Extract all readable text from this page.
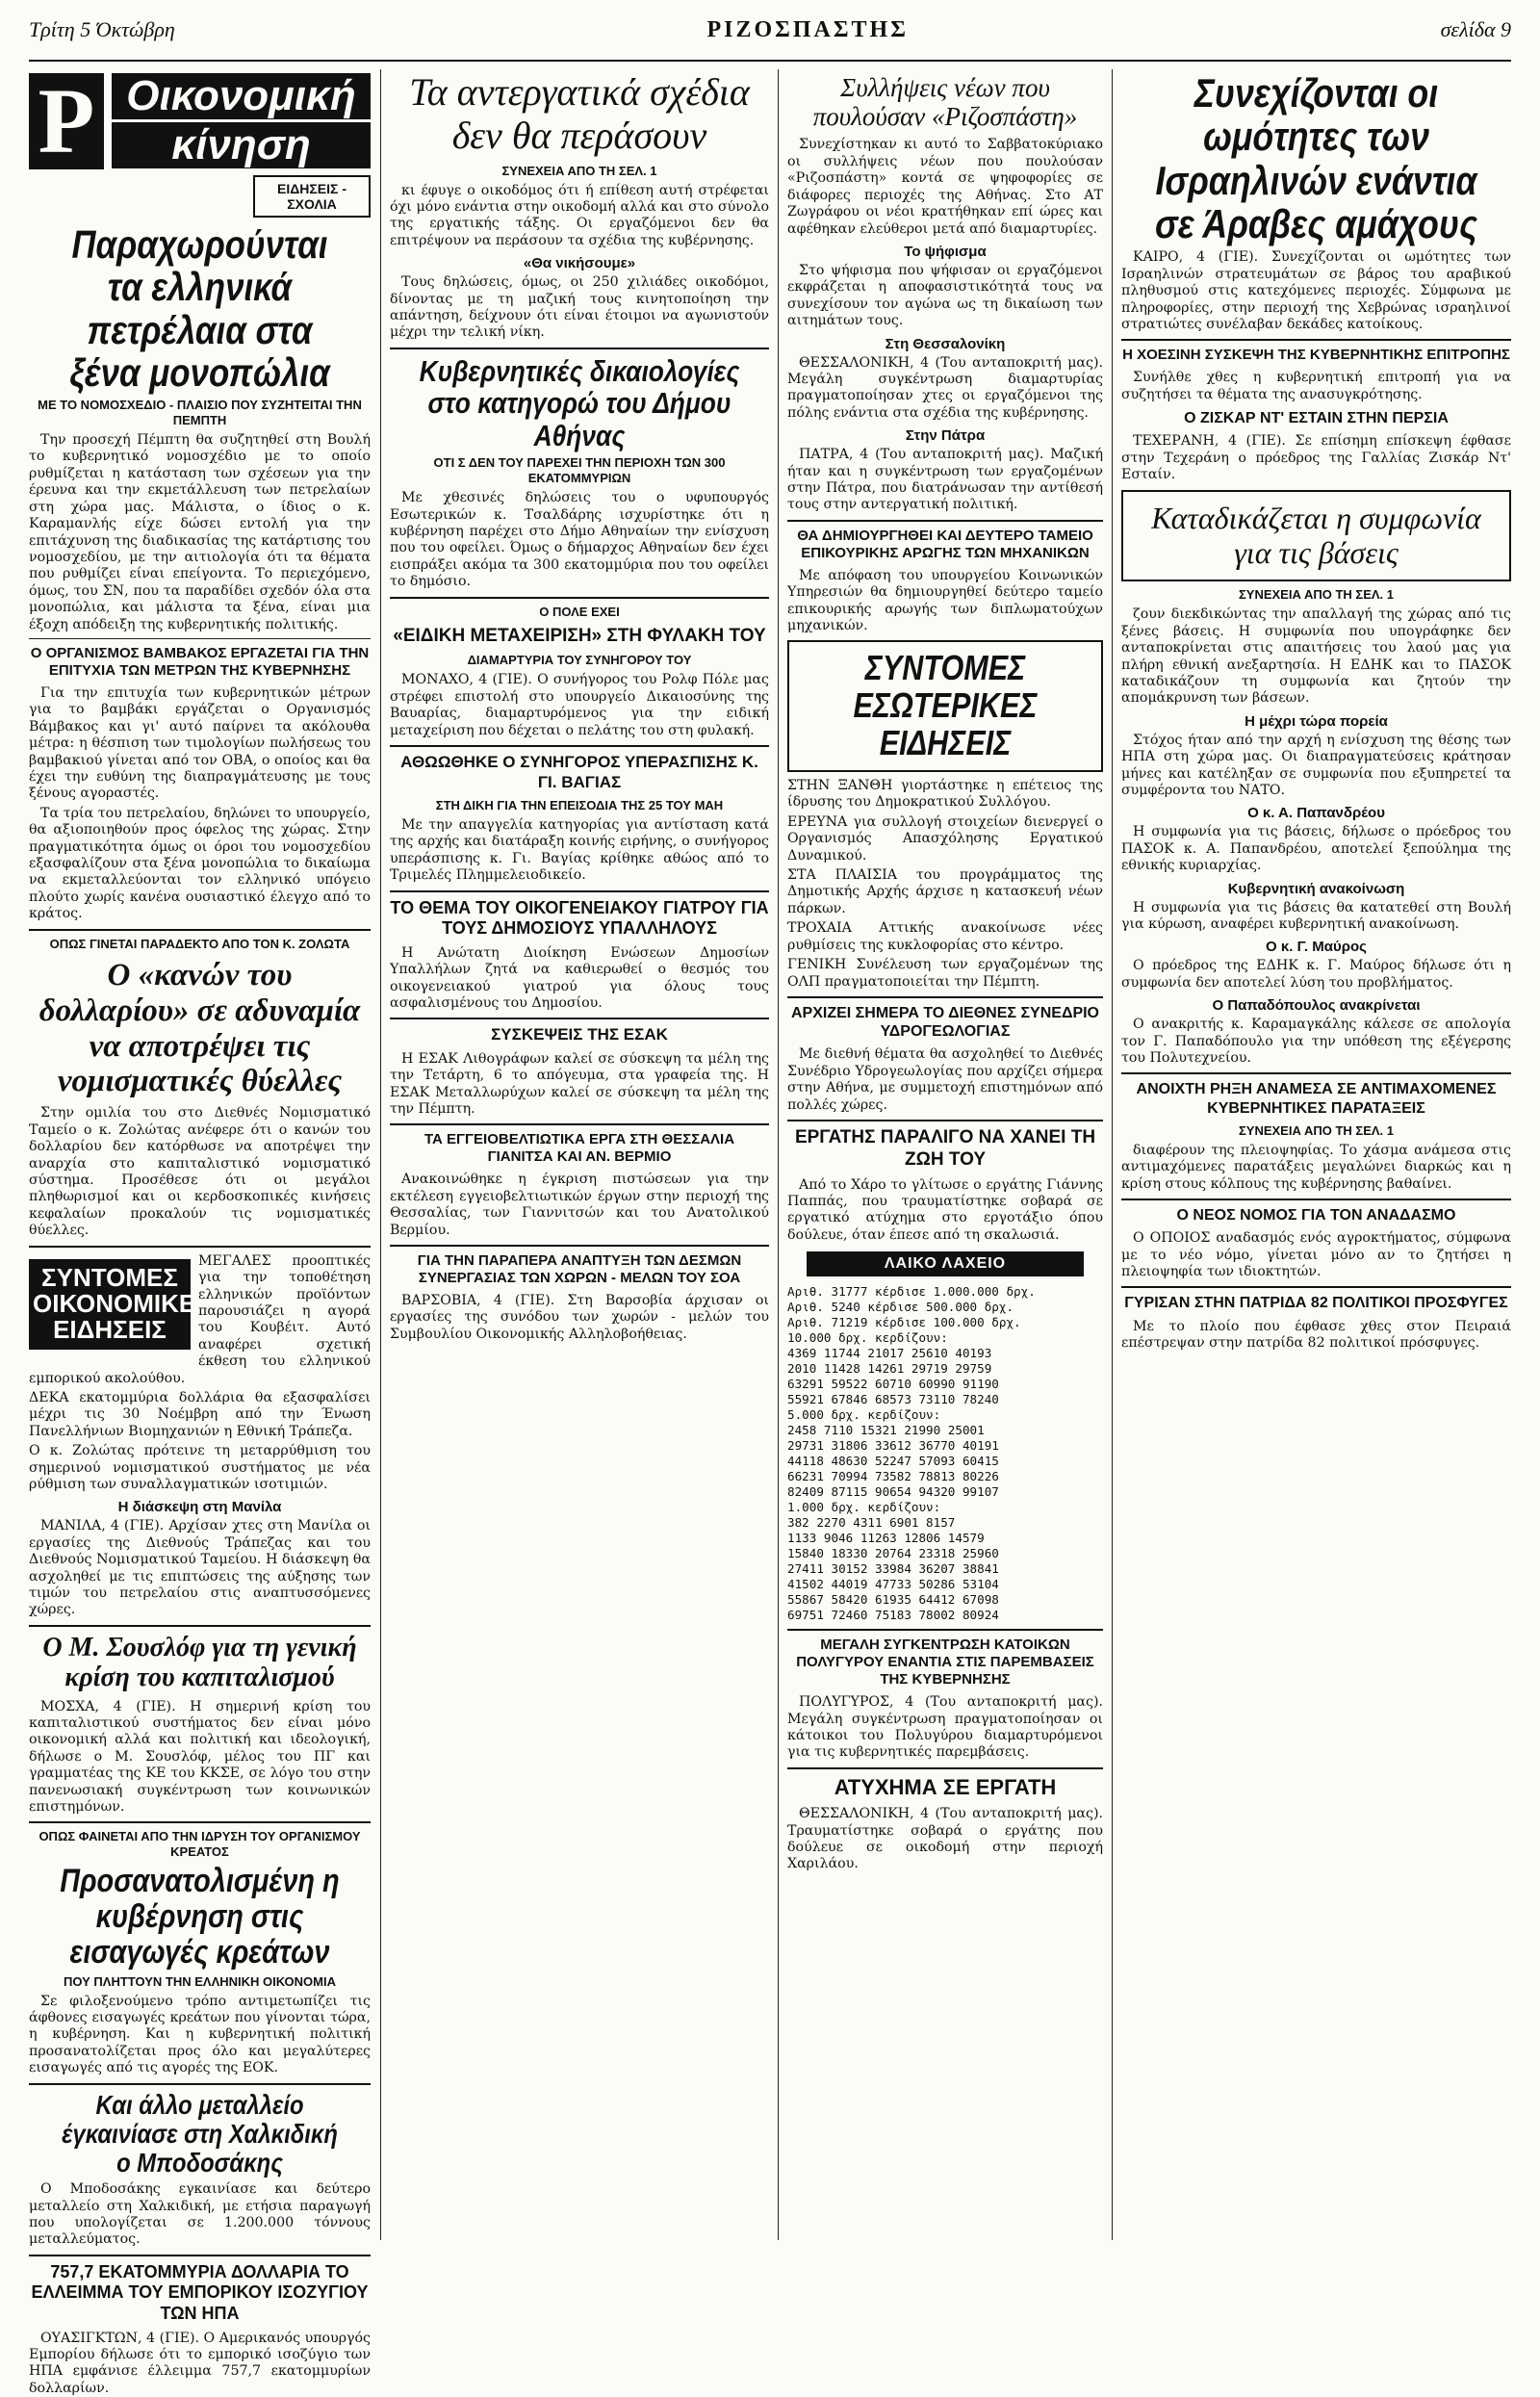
Τρίτη 5 Όκτώβρη	ΡΙΖΟΣΠΑΣΤΗΣ	σελίδα 9
Ρ Οικονομική
κίνηση
ΕΙΔΗΣΕΙΣ - ΣΧΟΛΙΑ
Παραχωρούνται τα ελληνικά πετρέλαια στα ξένα μονοπώλια
ΜΕ ΤΟ ΝΟΜΟΣΧΕΔΙΟ - ΠΛΑΙΣΙΟ ΠΟΥ ΣΥΖΗΤΕΙΤΑΙ ΤΗΝ ΠΕΜΠΤΗ

Την προσεχή Πέμπτη θα συζητηθεί στη Βουλή το κυβερνητικό νομοσχέδιο με το οποίο ρυθμίζεται η κατάσταση των σχέσεων για την έρευνα και την εκμετάλλευση των πετρελαίων στη χώρα μας. Μάλιστα, ο ίδιος ο κ. Καραμανλής είχε δώσει εντολή για την επιτάχυνση της διαδικασίας της κατάρτισης του νομοσχεδίου, με την αιτιολογία ότι τα θέματα που ρυθμίζει είναι επείγοντα. Το περιεχόμενο, όμως, του ΣΝ, που τα παραδίδει σχεδόν όλα στα μονοπώλια, και μάλιστα τα ξένα, είναι μια έξοχη απόδειξη της κυβερνητικής πολιτικής.

Ο ΟΡΓΑΝΙΣΜΟΣ ΒΑΜΒΑΚΟΣ ΕΡΓΑΖΕΤΑΙ ΓΙΑ ΤΗΝ ΕΠΙΤΥΧΙΑ ΤΩΝ ΜΕΤΡΩΝ ΤΗΣ ΚΥΒΕΡΝΗΣΗΣ

Για την επιτυχία των κυβερνητικών μέτρων για το βαμβάκι εργάζεται ο Οργανισμός Βάμβακος και γι' αυτό παίρνει τα ακόλουθα μέτρα: η θέσπιση των τιμολογίων πωλήσεως του βαμβακιού γίνεται από τον ΟΒΑ, ο οποίος και θα έχει την ευθύνη της διαπραγμάτευσης με τους ξένους αγοραστές.

Τα τρία του πετρελαίου, δηλώνει το υπουργείο, θα αξιοποιηθούν προς όφελος της χώρας. Στην πραγματικότητα όμως οι όροι του νομοσχεδίου εξασφαλίζουν στα ξένα μονοπώλια το δικαίωμα να εκμεταλλεύονται τον ελληνικό υπόγειο πλούτο χωρίς κανένα ουσιαστικό έλεγχο από το κράτος.

ΟΠΩΣ ΓΙΝΕΤΑΙ ΠΑΡΑΔΕΚΤΟ ΑΠΟ ΤΟΝ Κ. ΖΟΛΩΤΑ
Ο «κανών του δολλαρίου» σε αδυναμία να αποτρέψει τις νομισματικές θύελλες

Στην ομιλία του στο Διεθνές Νομισματικό Ταμείο ο κ. Ζολώτας ανέφερε ότι ο κανών του δολλαρίου δεν κατόρθωσε να αποτρέψει την αναρχία στο καπιταλιστικό νομισματικό σύστημα. Προσέθεσε ότι οι μεγάλοι πληθωρισμοί και οι κερδοσκοπικές κινήσεις κεφαλαίων προκαλούν τις νομισματικές θύελλες.

ΣΥΝΤΟΜΕΣ ΟΙΚΟΝΟΜΙΚΕΣ ΕΙΔΗΣΕΙΣ

ΜΕΓΑΛΕΣ προοπτικές για την τοποθέτηση ελληνικών προϊόντων παρουσιάζει η αγορά του Κουβέιτ. Αυτό αναφέρει σχετική έκθεση του ελληνικού εμπορικού ακολούθου.

ΔΕΚΑ εκατομμύρια δολλάρια θα εξασφαλίσει μέχρι τις 30 Νοέμβρη από την Ένωση Πανελλήνιων Βιομηχανιών η Εθνική Τράπεζα.

Ο κ. Ζολώτας πρότεινε τη μεταρρύθμιση του σημερινού νομισματικού συστήματος με νέα ρύθμιση των συναλλαγματικών ισοτιμιών.

Η διάσκεψη στη Μανίλα

ΜΑΝΙΛΑ, 4 (ΓΙΕ). Αρχίσαν χτες στη Μανίλα οι εργασίες της Διεθνούς Τράπεζας και του Διεθνούς Νομισματικού Ταμείου. Η διάσκεψη θα ασχοληθεί με τις επιπτώσεις της αύξησης των τιμών του πετρελαίου στις αναπτυσσόμενες χώρες.

Ο Μ. Σουσλόφ για τη γενική κρίση του καπιταλισμού

ΜΟΣΧΑ, 4 (ΓΙΕ). Η σημερινή κρίση του καπιταλιστικού συστήματος δεν είναι μόνο οικονομική αλλά και πολιτική και ιδεολογική, δήλωσε ο Μ. Σουσλόφ, μέλος του ΠΓ και γραμματέας της ΚΕ του ΚΚΣΕ, σε λόγο του στην πανενωσιακή συγκέντρωση των κοινωνικών επιστημόνων.

ΟΠΩΣ ΦΑΙΝΕΤΑΙ ΑΠΟ ΤΗΝ ΙΔΡΥΣΗ ΤΟΥ ΟΡΓΑΝΙΣΜΟΥ ΚΡΕΑΤΟΣ
Προσανατολισμένη η κυβέρνηση στις εισαγωγές κρεάτων
ΠΟΥ ΠΛΗΤΤΟΥΝ ΤΗΝ ΕΛΛΗΝΙΚΗ ΟΙΚΟΝΟΜΙΑ

Σε φιλοξενούμενο τρόπο αντιμετωπίζει τις άφθονες εισαγωγές κρεάτων που γίνονται τώρα, η κυβέρνηση. Και η κυβερνητική πολιτική προσανατολίζεται προς όλο και μεγαλύτερες εισαγωγές από τις αγορές της ΕΟΚ.

Και άλλο μεταλλείο έγκαινίασε στη Χαλκιδική ο Μποδοσάκης

Ο Μποδοσάκης εγκαινίασε και δεύτερο μεταλλείο στη Χαλκιδική, με ετήσια παραγωγή που υπολογίζεται σε 1.200.000 τόννους μεταλλεύματος.

757,7 ΕΚΑΤΟΜΜΥΡΙΑ ΔΟΛΛΑΡΙΑ ΤΟ ΕΛΛΕΙΜΜΑ ΤΟΥ ΕΜΠΟΡΙΚΟΥ ΙΣΟΖΥΓΙΟΥ ΤΩΝ ΗΠΑ

ΟΥΑΣΙΓΚΤΩΝ, 4 (ΓΙΕ). Ο Αμερικανός υπουργός Εμπορίου δήλωσε ότι το εμπορικό ισοζύγιο των ΗΠΑ εμφάνισε έλλειμμα 757,7 εκατομμυρίων δολλαρίων.

Τα αντεργατικά σχέδια δεν θα περάσουν
ΣΥΝΕΧΕΙΑ ΑΠΟ ΤΗ ΣΕΛ. 1

κι έφυγε ο οικοδόμος ότι ή επίθεση αυτή στρέφεται όχι μόνο ενάντια στην οικοδομή αλλά και στο σύνολο της εργατικής τάξης. Οι εργαζόμενοι δεν θα επιτρέψουν να περάσουν τα σχέδια της κυβέρνησης.

«Θα νικήσουμε»

Τους δηλώσεις, όμως, οι 250 χιλιάδες οικοδόμοι, δίνοντας με τη μαζική τους κινητοποίηση την απάντηση, δείχνουν ότι είναι έτοιμοι να αγωνιστούν μέχρι την τελική νίκη.

Κυβερνητικές δικαιολογίες στο κατηγορώ του Δήμου Αθήνας
ΟΤΙ Σ ΔΕΝ ΤΟΥ ΠΑΡΕΧΕΙ ΤΗΝ ΠΕΡΙΟΧΗ ΤΩΝ 300 ΕΚΑΤΟΜΜΥΡΙΩΝ

Με χθεσινές δηλώσεις του ο υφυπουργός Εσωτερικών κ. Τσαλδάρης ισχυρίστηκε ότι η κυβέρνηση παρέχει στο Δήμο Αθηναίων την ενίσχυση που του οφείλει. Όμως ο δήμαρχος Αθηναίων δεν έχει εισπράξει ακόμα τα 300 εκατομμύρια που του οφείλει το δημόσιο.

Ο ΠΟΛΕ ΕΧΕΙ
«ΕΙΔΙΚΗ ΜΕΤΑΧΕΙΡΙΣΗ» ΣΤΗ ΦΥΛΑΚΗ ΤΟΥ
ΔΙΑΜΑΡΤΥΡΙΑ ΤΟΥ ΣΥΝΗΓΟΡΟΥ ΤΟΥ

ΜΟΝΑΧΟ, 4 (ΓΙΕ). Ο συνήγορος του Ρολφ Πόλε μας στρέφει επιστολή στο υπουργείο Δικαιοσύνης της Βαυαρίας, διαμαρτυρόμενος για την ειδική μεταχείριση που δέχεται ο πελάτης του στη φυλακή.

ΑΘΩΩΘΗΚΕ Ο ΣΥΝΗΓΟΡΟΣ ΥΠΕΡΑΣΠΙΣΗΣ Κ. ΓΙ. ΒΑΓΙΑΣ
ΣΤΗ ΔΙΚΗ ΓΙΑ ΤΗΝ ΕΠΕΙΣΟΔΙΑ ΤΗΣ 25 ΤΟΥ ΜΑΗ

Με την απαγγελία κατηγορίας για αντίσταση κατά της αρχής και διατάραξη κοινής ειρήνης, ο συνήγορος υπεράσπισης κ. Γι. Βαγίας κρίθηκε αθώος από το Τριμελές Πλημμελειοδικείο.

ΤΟ ΘΕΜΑ ΤΟΥ ΟΙΚΟΓΕΝΕΙΑΚΟΥ ΓΙΑΤΡΟΥ ΓΙΑ ΤΟΥΣ ΔΗΜΟΣΙΟΥΣ ΥΠΑΛΛΗΛΟΥΣ

Η Ανώτατη Διοίκηση Ενώσεων Δημοσίων Υπαλλήλων ζητά να καθιερωθεί ο θεσμός του οικογενειακού γιατρού για όλους τους ασφαλισμένους του Δημοσίου.

ΣΥΣΚΕΨΕΙΣ ΤΗΣ ΕΣΑΚ

Η ΕΣΑΚ Λιθογράφων καλεί σε σύσκεψη τα μέλη της την Τετάρτη, 6 το απόγευμα, στα γραφεία της. Η ΕΣΑΚ Μεταλλωρύχων καλεί σε σύσκεψη τα μέλη της την Πέμπτη.

ΤΑ ΕΓΓΕΙΟΒΕΛΤΙΩΤΙΚΑ ΕΡΓΑ ΣΤΗ ΘΕΣΣΑΛΙΑ ΓΙΑΝΙΤΣΑ ΚΑΙ ΑΝ. ΒΕΡΜΙΟ

Ανακοινώθηκε η έγκριση πιστώσεων για την εκτέλεση εγγειοβελτιωτικών έργων στην περιοχή της Θεσσαλίας, των Γιαννιτσών και του Ανατολικού Βερμίου.

ΓΙΑ ΤΗΝ ΠΑΡΑΠΕΡΑ ΑΝΑΠΤΥΞΗ ΤΩΝ ΔΕΣΜΩΝ ΣΥΝΕΡΓΑΣΙΑΣ ΤΩΝ ΧΩΡΩΝ - ΜΕΛΩΝ ΤΟΥ ΣΟΑ

ΒΑΡΣΟΒΙΑ, 4 (ΓΙΕ). Στη Βαρσοβία άρχισαν οι εργασίες της συνόδου των χωρών - μελών του Συμβουλίου Οικονομικής Αλληλοβοήθειας.

Συλλήψεις νέων που πουλούσαν «Ριζοσπάστη»

Συνεχίστηκαν κι αυτό το Σαββατοκύριακο οι συλλήψεις νέων που πουλούσαν «Ριζοσπάστη» κοντά σε ψηφοφορίες σε διάφορες περιοχές της Αθήνας. Στο ΑΤ Ζωγράφου οι νέοι κρατήθηκαν επί ώρες και αφέθηκαν ελεύθεροι μετά από διαμαρτυρίες.

Το ψήφισμα

Στο ψήφισμα που ψήφισαν οι εργαζόμενοι εκφράζεται η αποφασιστικότητά τους να συνεχίσουν τον αγώνα ως τη δικαίωση των αιτημάτων τους.

Στη Θεσσαλονίκη

ΘΕΣΣΑΛΟΝΙΚΗ, 4 (Του ανταποκριτή μας). Μεγάλη συγκέντρωση διαμαρτυρίας πραγματοποίησαν χτες οι εργαζόμενοι της πόλης ενάντια στα σχέδια της κυβέρνησης.

Στην Πάτρα

ΠΑΤΡΑ, 4 (Του ανταποκριτή μας). Μαζική ήταν και η συγκέντρωση των εργαζομένων στην Πάτρα, που διατράνωσαν την αντίθεσή τους στην αντεργατική πολιτική.

ΘΑ ΔΗΜΙΟΥΡΓΗΘΕΙ ΚΑΙ ΔΕΥΤΕΡΟ ΤΑΜΕΙΟ ΕΠΙΚΟΥΡΙΚΗΣ ΑΡΩΓΗΣ ΤΩΝ ΜΗΧΑΝΙΚΩΝ

Με απόφαση του υπουργείου Κοινωνικών Υπηρεσιών θα δημιουργηθεί δεύτερο ταμείο επικουρικής αρωγής των διπλωματούχων μηχανικών.

ΣΥΝΤΟΜΕΣ ΕΣΩΤΕΡΙΚΕΣ ΕΙΔΗΣΕΙΣ

ΣΤΗΝ ΞΑΝΘΗ γιορτάστηκε η επέτειος της ίδρυσης του Δημοκρατικού Συλλόγου.

ΕΡΕΥΝΑ για συλλογή στοιχείων διενεργεί ο Οργανισμός Απασχόλησης Εργατικού Δυναμικού.

ΣΤΑ ΠΛΑΙΣΙΑ του προγράμματος της Δημοτικής Αρχής άρχισε η κατασκευή νέων πάρκων.

ΤΡΟΧΑΙΑ Αττικής ανακοίνωσε νέες ρυθμίσεις της κυκλοφορίας στο κέντρο.

ΓΕΝΙΚΗ Συνέλευση των εργαζομένων της ΟΛΠ πραγματοποιείται την Πέμπτη.

ΑΡΧΙΖΕΙ ΣΗΜΕΡΑ ΤΟ ΔΙΕΘΝΕΣ ΣΥΝΕΔΡΙΟ ΥΔΡΟΓΕΩΛΟΓΙΑΣ

Με διεθνή θέματα θα ασχοληθεί το Διεθνές Συνέδριο Υδρογεωλογίας που αρχίζει σήμερα στην Αθήνα, με συμμετοχή επιστημόνων από πολλές χώρες.

ΕΡΓΑΤΗΣ ΠΑΡΑΛΙΓΟ ΝΑ ΧΑΝΕΙ ΤΗ ΖΩΗ ΤΟΥ

Από το Χάρο το γλίτωσε ο εργάτης Γιάννης Παππάς, που τραυματίστηκε σοβαρά σε εργατικό ατύχημα στο εργοτάξιο όπου δούλευε, όταν έπεσε από τη σκαλωσιά.

ΛΑΙΚΟ ΛΑΧΕΙΟ
Αριθ. 31777 κέρδισε 1.000.000 δρχ.
Αριθ. 5240 κέρδισε 500.000 δρχ.
Αριθ. 71219 κέρδισε 100.000 δρχ.
10.000 δρχ. κερδίζουν:
4369 11744 21017 25610 40193
2010 11428 14261 29719 29759
63291 59522 60710 60990 91190
55921 67846 68573 73110 78240
5.000 δρχ. κερδίζουν:
2458 7110 15321 21990 25001
29731 31806 33612 36770 40191
44118 48630 52247 57093 60415
66231 70994 73582 78813 80226
82409 87115 90654 94320 99107
1.000 δρχ. κερδίζουν:
382 2270 4311 6901 8157
1133 9046 11263 12806 14579
15840 18330 20764 23318 25960
27411 30152 33984 36207 38841
41502 44019 47733 50286 53104
55867 58420 61935 64412 67098
69751 72460 75183 78002 80924
ΜΕΓΑΛΗ ΣΥΓΚΕΝΤΡΩΣΗ ΚΑΤΟΙΚΩΝ ΠΟΛΥΓΥΡΟΥ ΕΝΑΝΤΙΑ ΣΤΙΣ ΠΑΡΕΜΒΑΣΕΙΣ ΤΗΣ ΚΥΒΕΡΝΗΣΗΣ

ΠΟΛΥΓΥΡΟΣ, 4 (Του ανταποκριτή μας). Μεγάλη συγκέντρωση πραγματοποίησαν οι κάτοικοι του Πολυγύρου διαμαρτυρόμενοι για τις κυβερνητικές παρεμβάσεις.

ΑΤΥΧΗΜΑ ΣΕ ΕΡΓΑΤΗ

ΘΕΣΣΑΛΟΝΙΚΗ, 4 (Του ανταποκριτή μας). Τραυματίστηκε σοβαρά ο εργάτης που δούλευε σε οικοδομή στην περιοχή Χαριλάου.

Συνεχίζονται οι ωμότητες των Ισραηλινών ενάντια σε Άραβες αμάχους

ΚΑΙΡΟ, 4 (ΓΙΕ). Συνεχίζονται οι ωμότητες των Ισραηλινών στρατευμάτων σε βάρος του αραβικού πληθυσμού στις κατεχόμενες περιοχές. Σύμφωνα με πληροφορίες, στην περιοχή της Χεβρώνας ισραηλινοί στρατιώτες συνέλαβαν δεκάδες κατοίκους.

Η ΧΟΕΣΙΝΗ ΣΥΣΚΕΨΗ ΤΗΣ ΚΥΒΕΡΝΗΤΙΚΗΣ ΕΠΙΤΡΟΠΗΣ

Συνήλθε χθες η κυβερνητική επιτροπή για να συζητήσει τα θέματα της ανασυγκρότησης.

Ο ΖΙΣΚΑΡ ΝΤ' ΕΣΤΑΙΝ ΣΤΗΝ ΠΕΡΣΙΑ

ΤΕΧΕΡΑΝΗ, 4 (ΓΙΕ). Σε επίσημη επίσκεψη έφθασε στην Τεχεράνη ο πρόεδρος της Γαλλίας Ζισκάρ Ντ' Εσταίν.

Καταδικάζεται η συμφωνία για τις βάσεις
ΣΥΝΕΧΕΙΑ ΑΠΟ ΤΗ ΣΕΛ. 1

ζουν διεκδικώντας την απαλλαγή της χώρας από τις ξένες βάσεις. Η συμφωνία που υπογράφηκε δεν ανταποκρίνεται στις απαιτήσεις του λαού μας για πλήρη εθνική ανεξαρτησία. Η ΕΔΗΚ και το ΠΑΣΟΚ καταδικάζουν τη συμφωνία και ζητούν την απομάκρυνση των βάσεων.

Η μέχρι τώρα πορεία

Στόχος ήταν από την αρχή η ενίσχυση της θέσης των ΗΠΑ στη χώρα μας. Οι διαπραγματεύσεις κράτησαν μήνες και κατέληξαν σε συμφωνία που εξυπηρετεί τα συμφέροντα του ΝΑΤΟ.

Ο κ. Α. Παπανδρέου

Η συμφωνία για τις βάσεις, δήλωσε ο πρόεδρος του ΠΑΣΟΚ κ. Α. Παπανδρέου, αποτελεί ξεπούλημα της εθνικής κυριαρχίας.

Κυβερνητική ανακοίνωση

Η συμφωνία για τις βάσεις θα κατατεθεί στη Βουλή για κύρωση, αναφέρει κυβερνητική ανακοίνωση.

Ο κ. Γ. Μαύρος

Ο πρόεδρος της ΕΔΗΚ κ. Γ. Μαύρος δήλωσε ότι η συμφωνία δεν αποτελεί λύση του προβλήματος.

Ο Παπαδόπουλος ανακρίνεται

Ο ανακριτής κ. Καραμαγκάλης κάλεσε σε απολογία τον Γ. Παπαδόπουλο για την υπόθεση της εξέγερσης του Πολυτεχνείου.

ΑΝΟΙΧΤΗ ΡΗΞΗ ΑΝΑΜΕΣΑ ΣΕ ΑΝΤΙΜΑΧΟΜΕΝΕΣ ΚΥΒΕΡΝΗΤΙΚΕΣ ΠΑΡΑΤΑΞΕΙΣ
ΣΥΝΕΧΕΙΑ ΑΠΟ ΤΗ ΣΕΛ. 1

διαφέρουν της πλειοψηφίας. Το χάσμα ανάμεσα στις αντιμαχόμενες παρατάξεις μεγαλώνει διαρκώς και η κρίση στους κόλπους της κυβέρνησης βαθαίνει.

Ο ΝΕΟΣ ΝΟΜΟΣ ΓΙΑ ΤΟΝ ΑΝΑΔΑΣΜΟ

Ο ΟΠΟΙΟΣ αναδασμός ενός αγροκτήματος, σύμφωνα με το νέο νόμο, γίνεται μόνο αν το ζητήσει η πλειοψηφία των ιδιοκτητών.

ΓΥΡΙΣΑΝ ΣΤΗΝ ΠΑΤΡΙΔΑ 82 ΠΟΛΙΤΙΚΟΙ ΠΡΟΣΦΥΓΕΣ

Με το πλοίο που έφθασε χθες στον Πειραιά επέστρεψαν στην πατρίδα 82 πολιτικοί πρόσφυγες.
